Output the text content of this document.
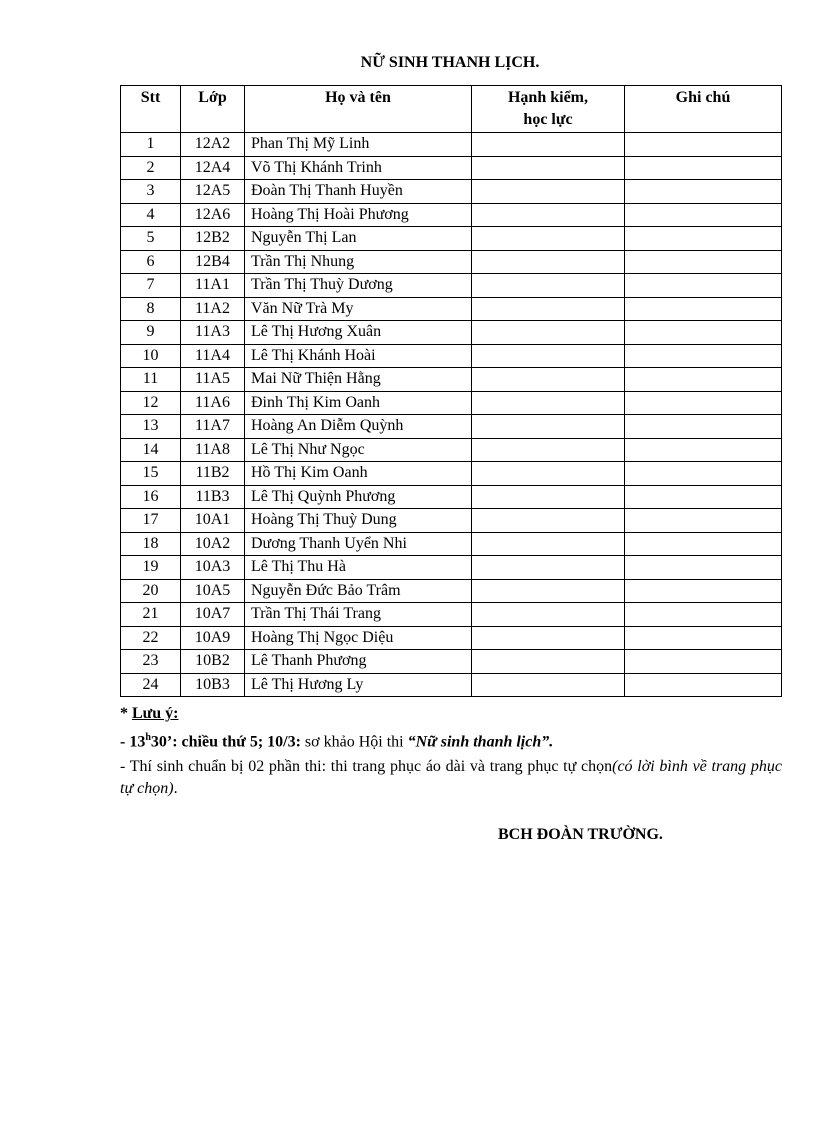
NỮ SINH THANH LỊCH.
Stt	Lớp	Họ và tên	Hạnh kiểm,
học lực	Ghi chú
1	12A2	Phan Thị Mỹ Linh		
2	12A4	Võ Thị Khánh Trinh		
3	12A5	Đoàn Thị Thanh Huyền		
4	12A6	Hoàng Thị Hoài Phương		
5	12B2	Nguyễn Thị Lan		
6	12B4	Trần Thị Nhung		
7	11A1	Trần Thị Thuỳ Dương		
8	11A2	Văn Nữ Trà My		
9	11A3	Lê Thị Hương Xuân		
10	11A4	Lê Thị Khánh Hoài		
11	11A5	Mai Nữ Thiện Hằng		
12	11A6	Đinh Thị Kim Oanh		
13	11A7	Hoàng An Diễm Quỳnh		
14	11A8	Lê Thị Như Ngọc		
15	11B2	Hồ Thị Kim Oanh		
16	11B3	Lê Thị Quỳnh Phương		
17	10A1	Hoàng Thị Thuỳ Dung		
18	10A2	Dương Thanh Uyển Nhi		
19	10A3	Lê Thị Thu Hà		
20	10A5	Nguyễn Đức Bảo Trâm		
21	10A7	Trần Thị Thái Trang		
22	10A9	Hoàng Thị Ngọc Diệu		
23	10B2	Lê Thanh Phương		
24	10B3	Lê Thị Hương Ly		
* Lưu ý:
- 13$^h$30’: chiều thứ 5; 10/3: sơ khảo Hội thi “Nữ sinh thanh lịch”.
- Thí sinh chuẩn bị 02 phần thi: thi trang phục áo dài và trang phục tự chọn(có lời bình về trang phục tự chọn).
BCH ĐOÀN TRƯỜNG.
